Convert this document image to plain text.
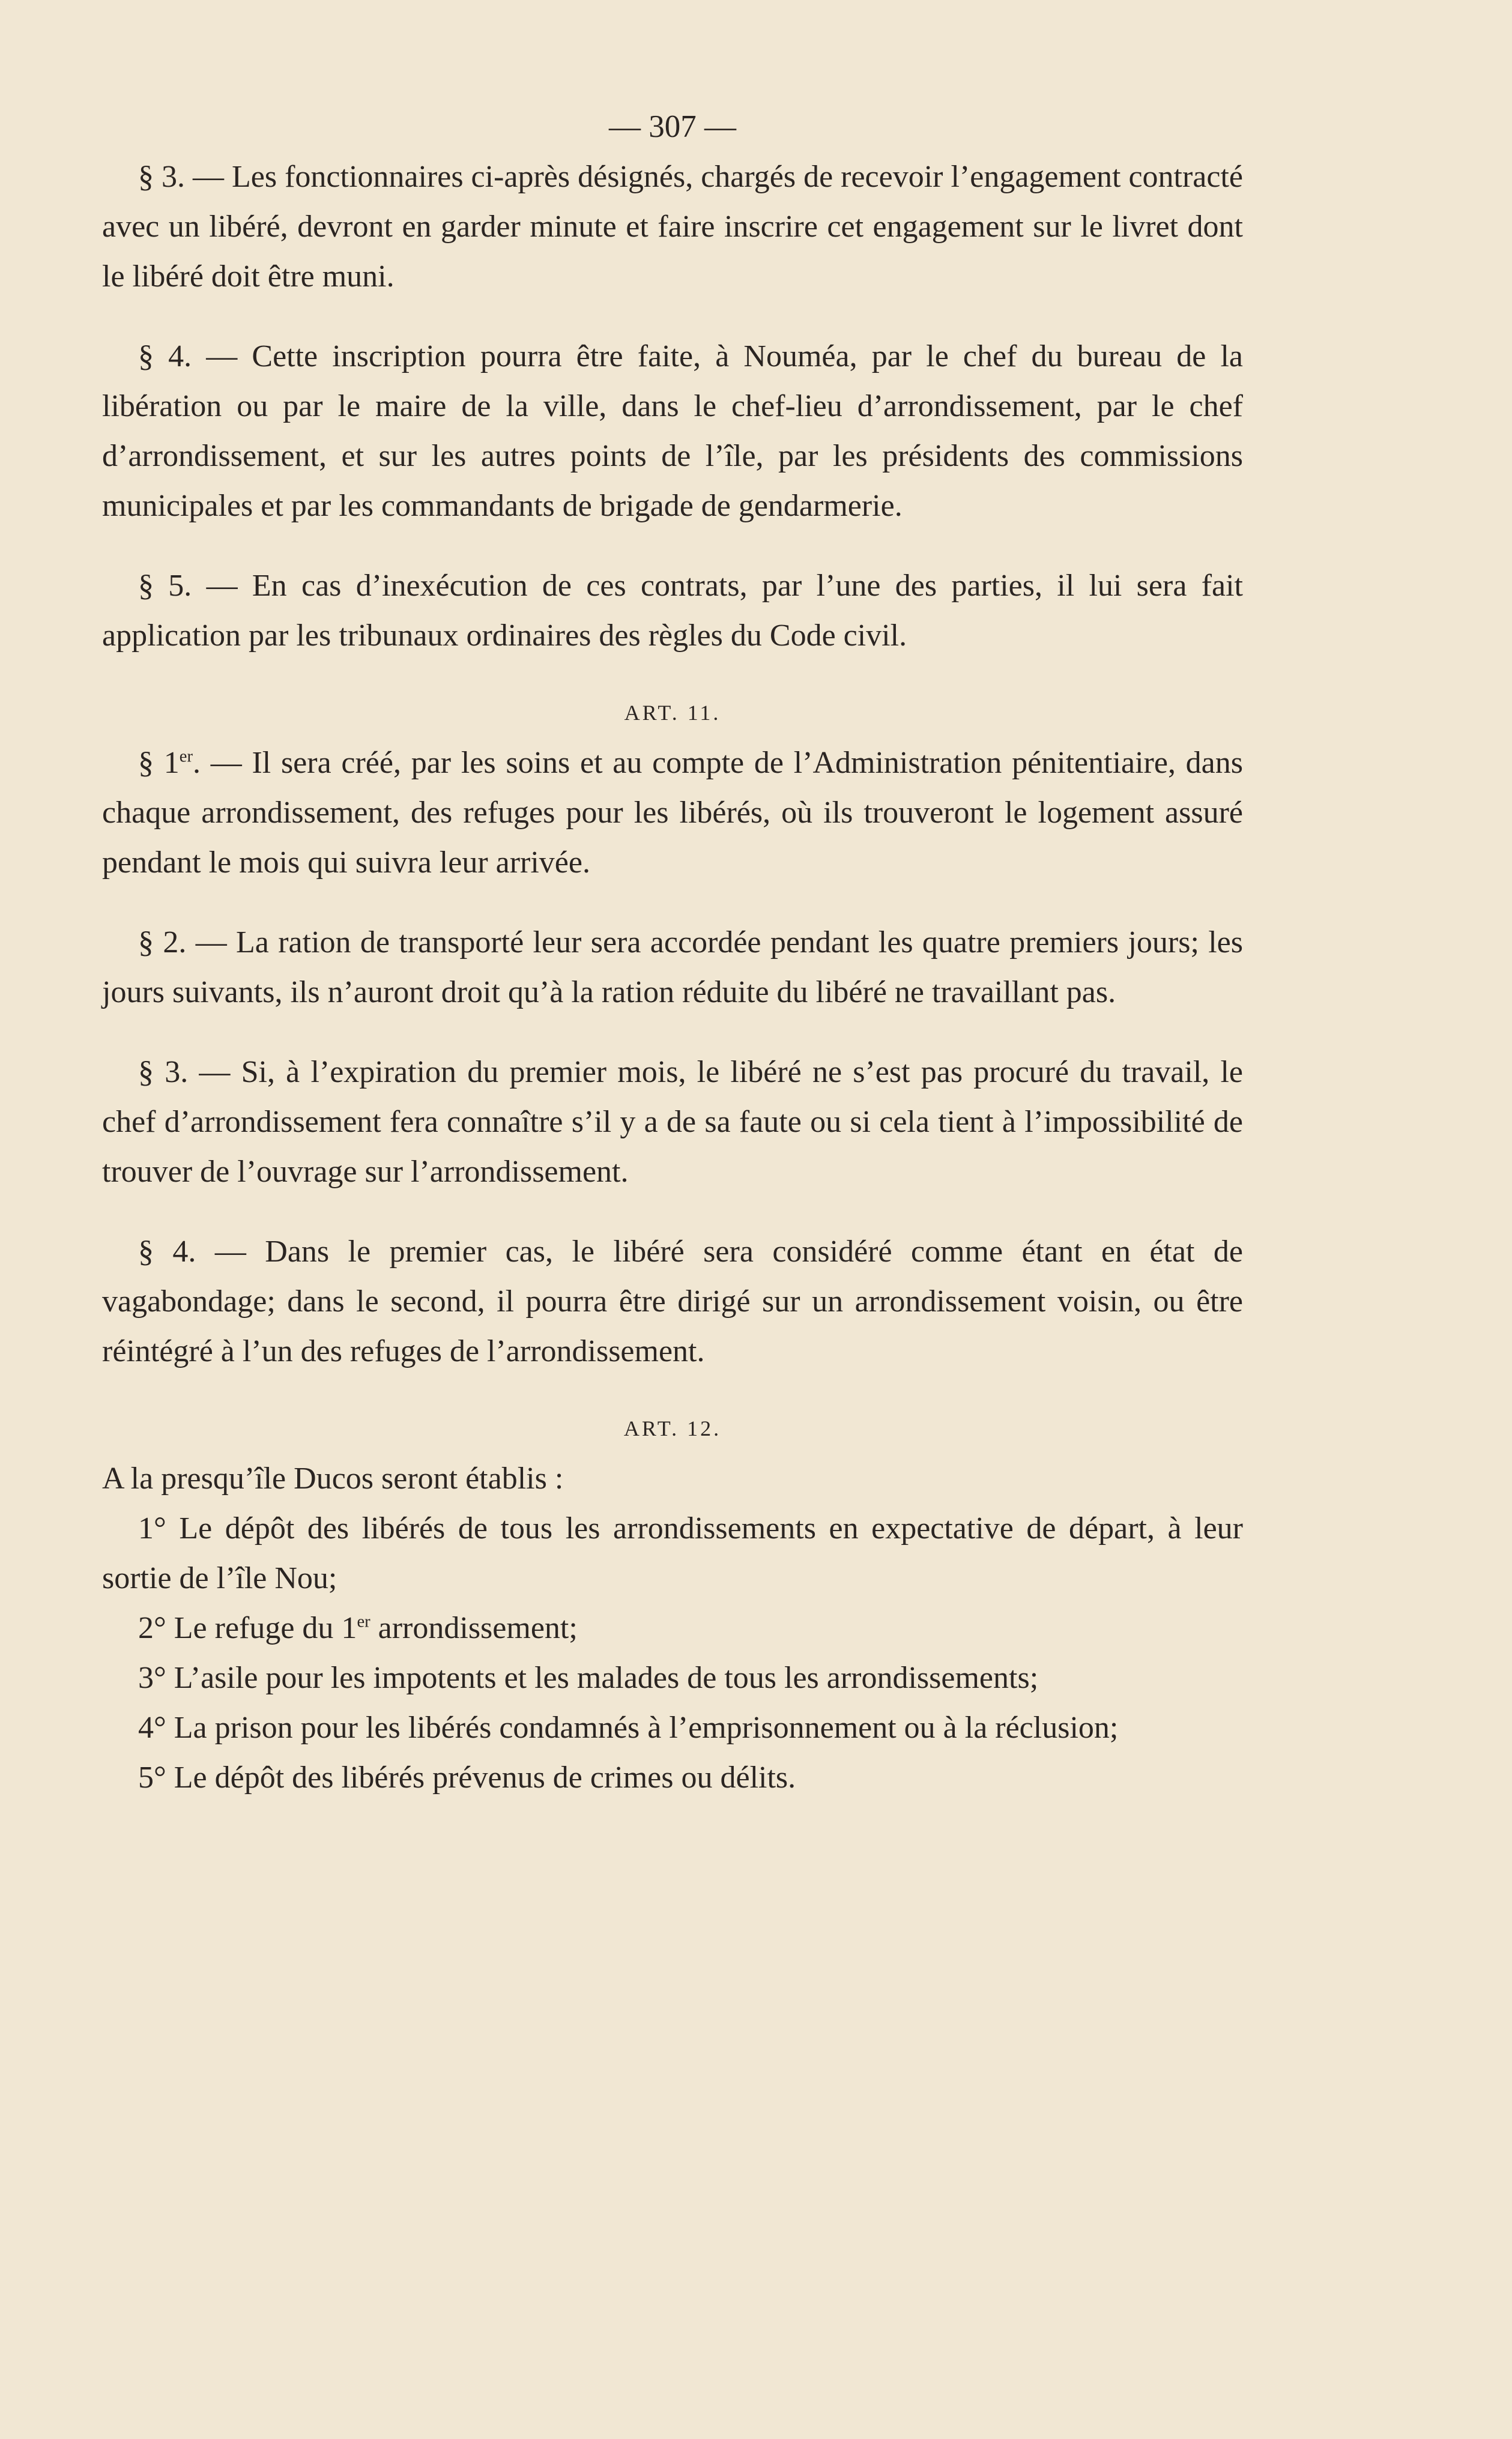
— 307 —

§ 3. — Les fonctionnaires ci-après désignés, chargés de recevoir l’engagement contracté avec un libéré, devront en garder minute et faire inscrire cet engagement sur le livret dont le libéré doit être muni.

§ 4. — Cette inscription pourra être faite, à Nouméa, par le chef du bureau de la libération ou par le maire de la ville, dans le chef-lieu d’arrondissement, par le chef d’arrondissement, et sur les autres points de l’île, par les présidents des commissions municipales et par les commandants de brigade de gendarmerie.

§ 5. — En cas d’inexécution de ces contrats, par l’une des parties, il lui sera fait application par les tribunaux ordinaires des règles du Code civil.

ART. 11.

§ 1er. — Il sera créé, par les soins et au compte de l’Administration pénitentiaire, dans chaque arrondissement, des refuges pour les libérés, où ils trouveront le logement assuré pendant le mois qui suivra leur arrivée.

§ 2. — La ration de transporté leur sera accordée pendant les quatre premiers jours; les jours suivants, ils n’auront droit qu’à la ration réduite du libéré ne travaillant pas.

§ 3. — Si, à l’expiration du premier mois, le libéré ne s’est pas procuré du travail, le chef d’arrondissement fera connaître s’il y a de sa faute ou si cela tient à l’impossibilité de trouver de l’ouvrage sur l’arrondissement.

§ 4. — Dans le premier cas, le libéré sera considéré comme étant en état de vagabondage; dans le second, il pourra être dirigé sur un arrondissement voisin, ou être réintégré à l’un des refuges de l’arrondissement.

ART. 12.

A la presqu’île Ducos seront établis :

1° Le dépôt des libérés de tous les arrondissements en expectative de départ, à leur sortie de l’île Nou;

2° Le refuge du 1er arrondissement;

3° L’asile pour les impotents et les malades de tous les arrondissements;

4° La prison pour les libérés condamnés à l’emprisonnement ou à la réclusion;

5° Le dépôt des libérés prévenus de crimes ou délits.
